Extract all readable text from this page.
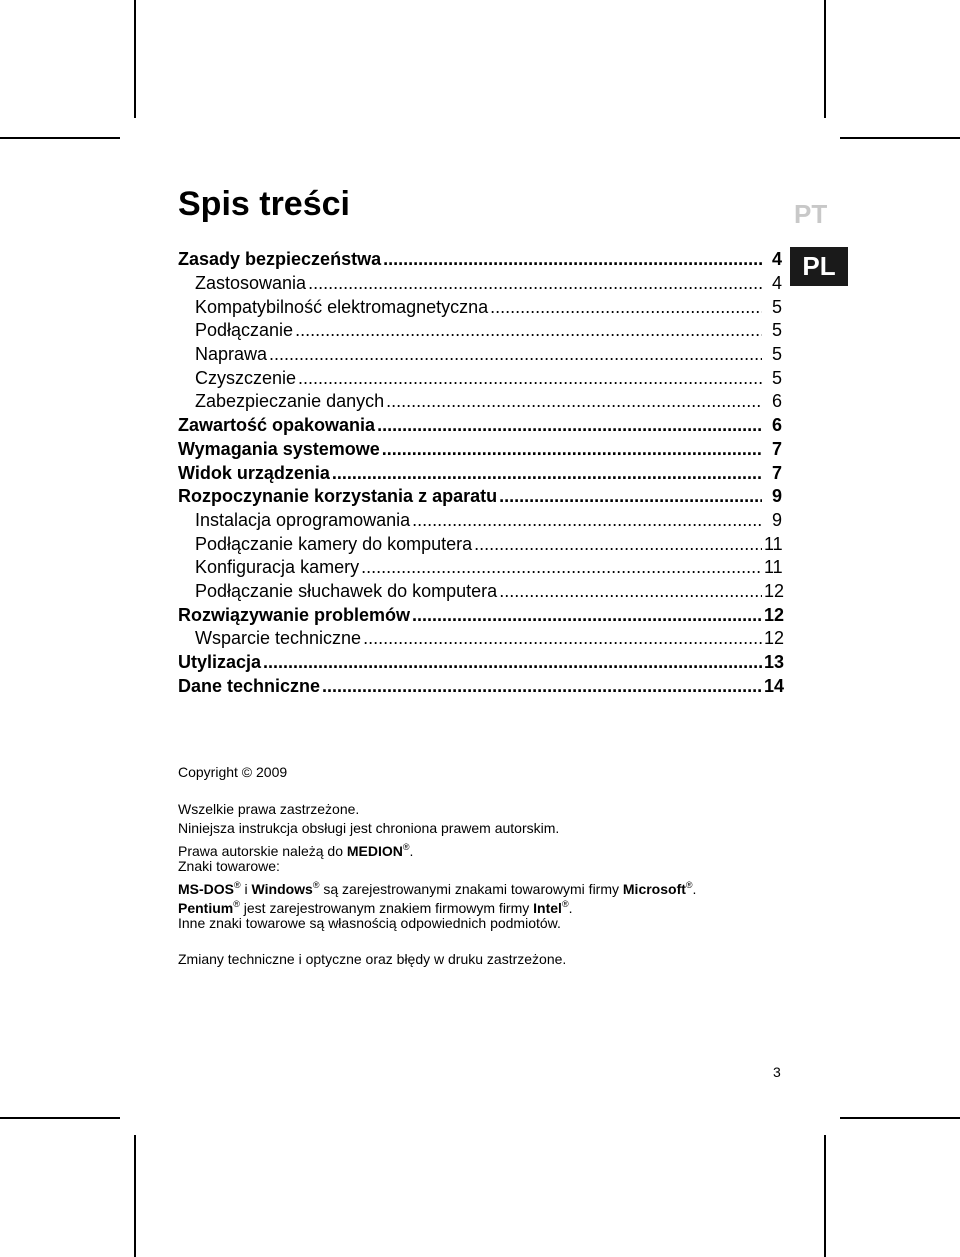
Spis treści	PT
PL
Zasady bezpieczeństwa .....	4
Zastosowania .....	4
Kompatybilność elektromagnetyczna .....	5
Podłączanie .....	5
Naprawa .....	5
Czyszczenie .....	5
Zabezpieczanie danych .....	6
Zawartość opakowania .....	6
Wymagania systemowe .....	7
Widok urządzenia .....	7
Rozpoczynanie korzystania z aparatu .....	9
Instalacja oprogramowania .....	9
Podłączanie kamery do komputera .....	11
Konfiguracja kamery .....	11
Podłączanie słuchawek do komputera .....	12
Rozwiązywanie problemów .....	12
Wsparcie techniczne .....	12
Utylizacja .....	13
Dane techniczne .....	14
Copyright © 2009
Wszelkie prawa zastrzeżone.
Niniejsza instrukcja obsługi jest chroniona prawem autorskim.
Prawa autorskie należą do MEDION®.
Znaki towarowe:
MS-DOS® i Windows® są zarejestrowanymi znakami towarowymi firmy Microsoft®.
Pentium® jest zarejestrowanym znakiem firmowym firmy Intel®.
Inne znaki towarowe są własnością odpowiednich podmiotów.
Zmiany techniczne i optyczne oraz błędy w druku zastrzeżone.
3
